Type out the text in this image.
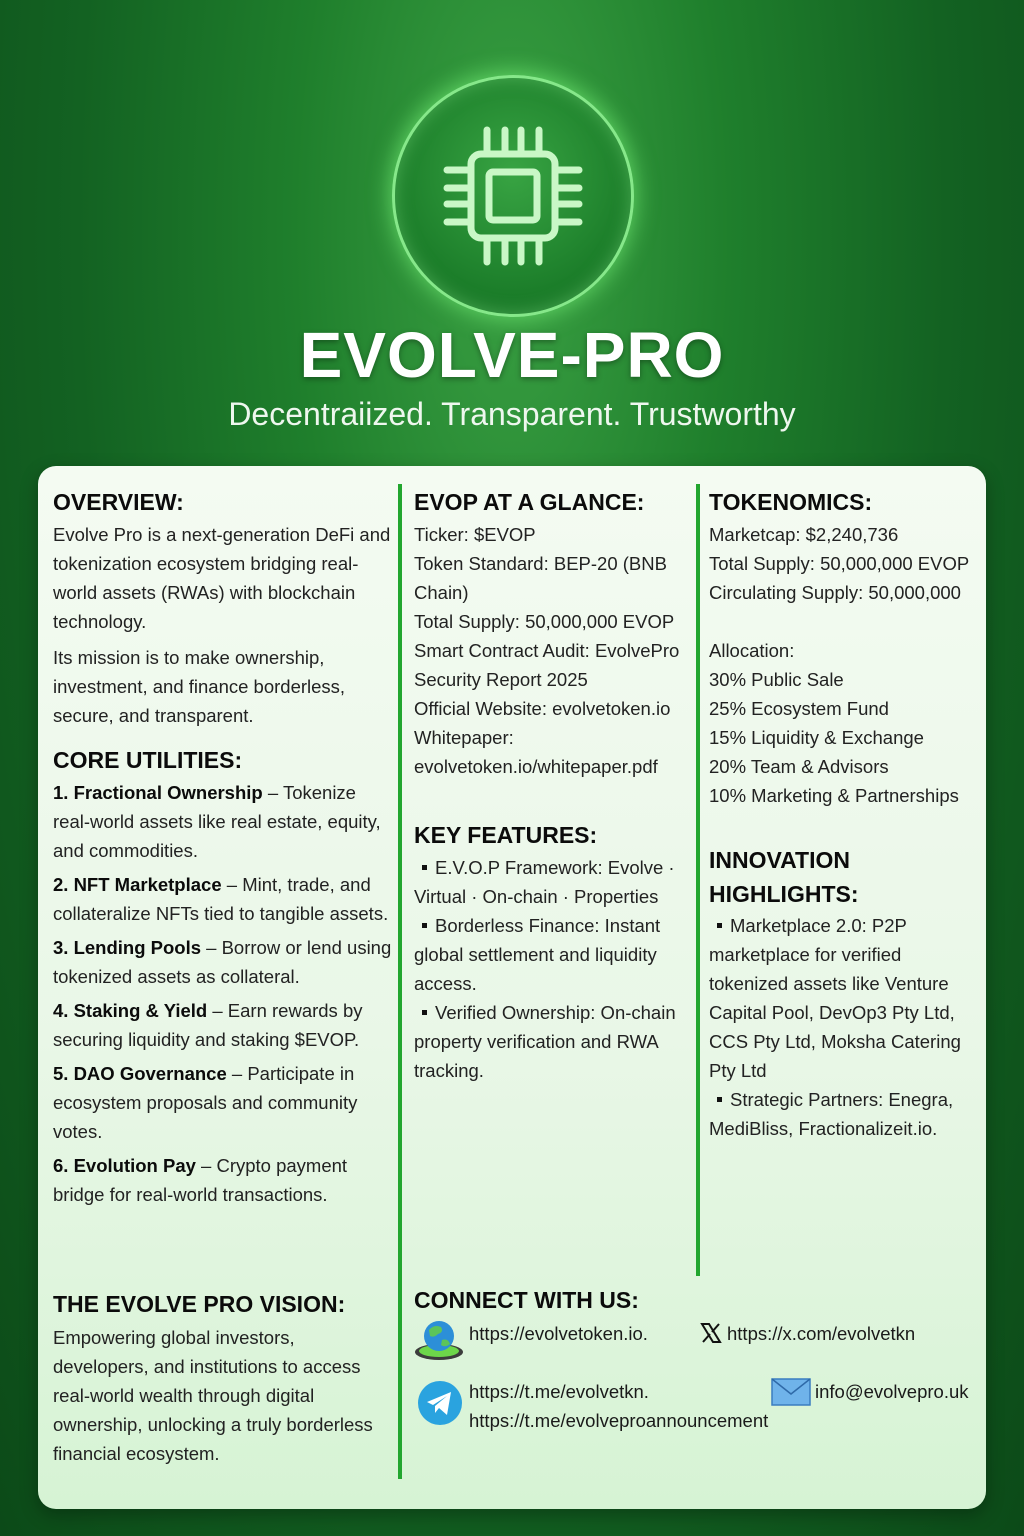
EVOLVE-PRO
Decentraiized. Transparent. Trustworthy
OVERVIEW:

Evolve Pro is a next-generation DeFi and tokenization ecosystem bridging real-world assets (RWAs) with blockchain technology.

Its mission is to make ownership, investment, and finance borderless, secure, and transparent.

CORE UTILITIES:

1. Fractional Ownership – Tokenize real-world assets like real estate, equity, and commodities.

2. NFT Marketplace – Mint, trade, and collateralize NFTs tied to tangible assets.

3. Lending Pools – Borrow or lend using tokenized assets as collateral.

4. Staking & Yield – Earn rewards by securing liquidity and staking $EVOP.

5. DAO Governance – Participate in ecosystem proposals and community votes.

6. Evolution Pay – Crypto payment bridge for real-world transactions.

THE EVOLVE PRO VISION:

Empowering global investors, developers, and institutions to access real-world wealth through digital ownership, unlocking a truly borderless financial ecosystem.

EVOP AT A GLANCE:

Ticker: $EVOP

Token Standard: BEP-20 (BNB Chain)

Total Supply: 50,000,000 EVOP

Smart Contract Audit: EvolvePro Security Report 2025

Official Website: evolvetoken.io

Whitepaper:

evolvetoken.io/whitepaper.pdf

KEY FEATURES:

E.V.O.P Framework: Evolve · Virtual · On-chain · Properties

Borderless Finance: Instant global settlement and liquidity access.

Verified Ownership: On-chain property verification and RWA tracking.

TOKENOMICS:

Marketcap: $2,240,736

Total Supply: 50,000,000 EVOP

Circulating Supply: 50,000,000

Allocation:

30% Public Sale

25% Ecosystem Fund

15% Liquidity & Exchange

20% Team & Advisors

10% Marketing & Partnerships

INNOVATION HIGHLIGHTS:

Marketplace 2.0: P2P marketplace for verified tokenized assets like Venture Capital Pool, DevOp3 Pty Ltd, CCS Pty Ltd, Moksha Catering Pty Ltd

Strategic Partners: Enegra, MediBliss, Fractionalizeit.io.

CONNECT WITH US:
https://evolvetoken.io.	https://x.com/evolvetkn
https://t.me/evolvetkn.
https://t.me/evolveproannouncement
info@evolvepro.uk
